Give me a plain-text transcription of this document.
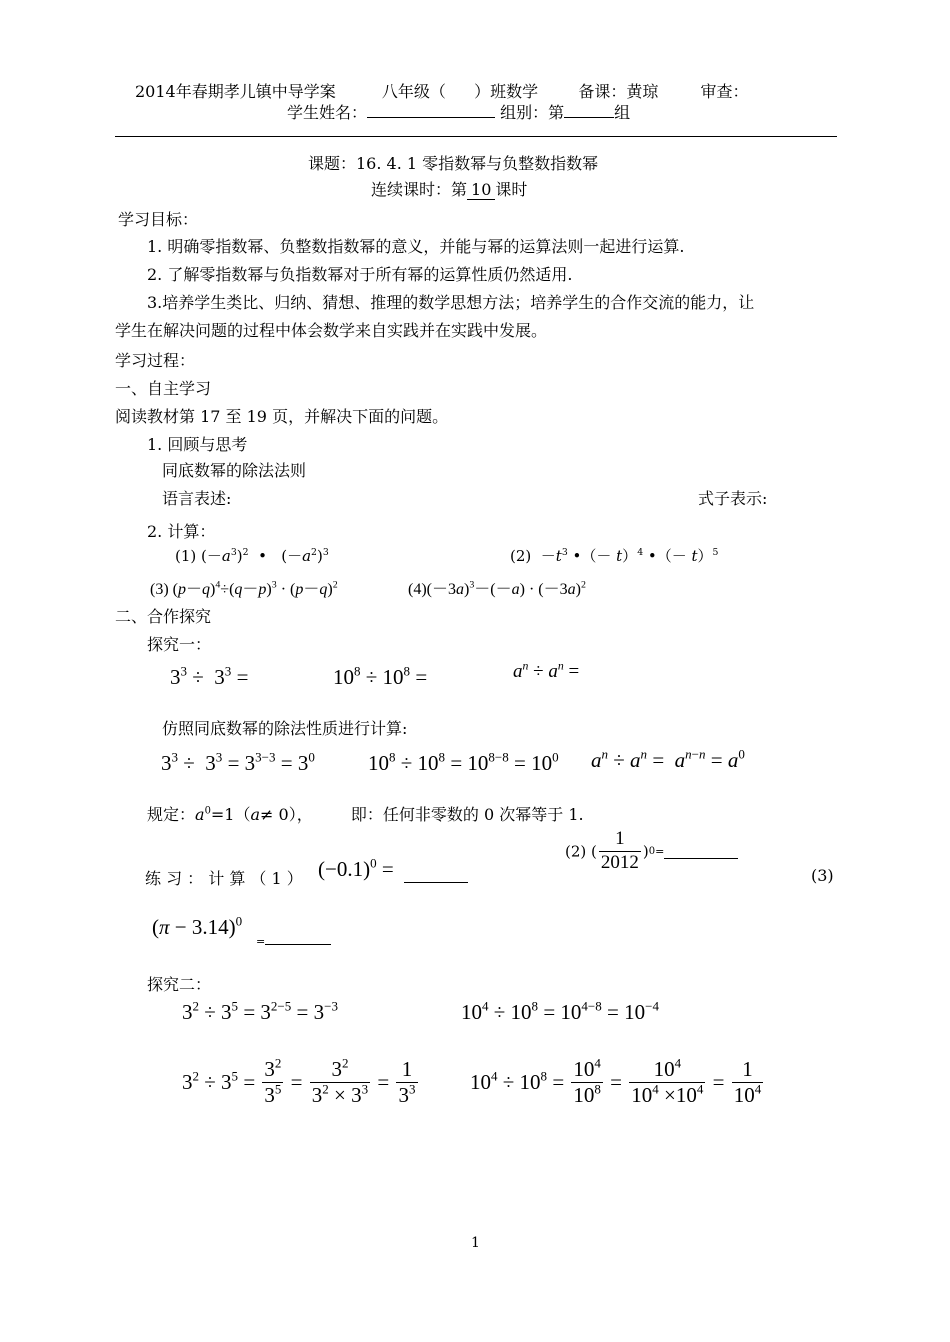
2014年春期孝儿镇中导学案	八年级（ ）班数学	备课：黄琼	审查：
学生姓名：	组别：第	组
课题：16. 4. 1 零指数幂与负整数指数幂
连续课时：第 10 课时
学习目标：
1. 明确零指数幂、负整数指数幂的意义，并能与幂的运算法则一起进行运算.
2. 了解零指数幂与负指数幂对于所有幂的运算性质仍然适用.
3.培养学生类比、归纳、猜想、推理的数学思想方法；培养学生的合作交流的能力，让
学生在解决问题的过程中体会数学来自实践并在实践中发展。
学习过程：
一、自主学习
阅读教材第 17 至 19 页，并解决下面的问题。
1. 回顾与思考
同底数幂的除法法则
语言表述:	式子表示:
2. 计算：
(1) $(-a^3)^2$  •   $(-a^2)^3$	$(2) -t^3$ •（－ t）$^4$ •（－ t）$^5$
(3) $(p-q)^4\div(q-p)^3 \cdot (p-q)^2$	$(4)(-3a)^3-(-a) \cdot (-3a)^2$
二、合作探究
探究一：
$3^3 \div 3^3$ =	$10^8 \div 10^8$ =	$a^n \div a^n$ =
仿照同底数幂的除法性质进行计算:
$3^3 \div 3^3 = 3^{3-3} = 3^0$	$10^8 \div 10^8 = 10^{8-8} = 10^0$ $a^n \div a^n = a^{n-n} = a^0$
规定：$a^0=1(a\ne 0)$， 即：任何非零数的 0 次幂等于 1.
练 习 ： 计 算 （ 1 ） $(-0.1)^0$ =
(2) ( $\frac{1}{2012} )0=$
(3)
$(\pi - 3.14)^0$
=
探究二：
$3^2 \div 3^5 = 3^{2-5} = 3^{-3}$	$10^4 \div 10^8 = 10^{4-8} = 10^{-4}$
$3^2 \div 3^5 = \frac{3^2}{3^5} = \frac{3^2}{3^2 \times 3^3} = \frac{1}{3^3}$	$10^4 \div 10^8 = \frac{10^4}{10^8} = \frac{10^4}{10^4 \times 10^4} = \frac{1}{10^4}$
1
